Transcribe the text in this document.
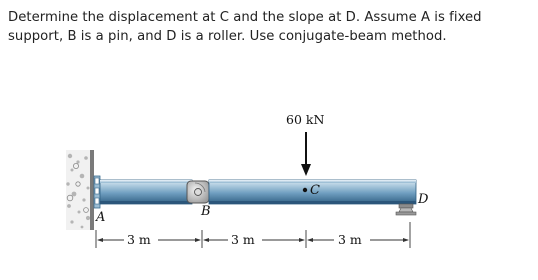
Determine the displacement at C and the slope at D. Assume A is fixed
support, B is a pin, and D is a roller. Use conjugate-beam method.
60 kN
C
A	B
D
3 m	3 m	3 m
